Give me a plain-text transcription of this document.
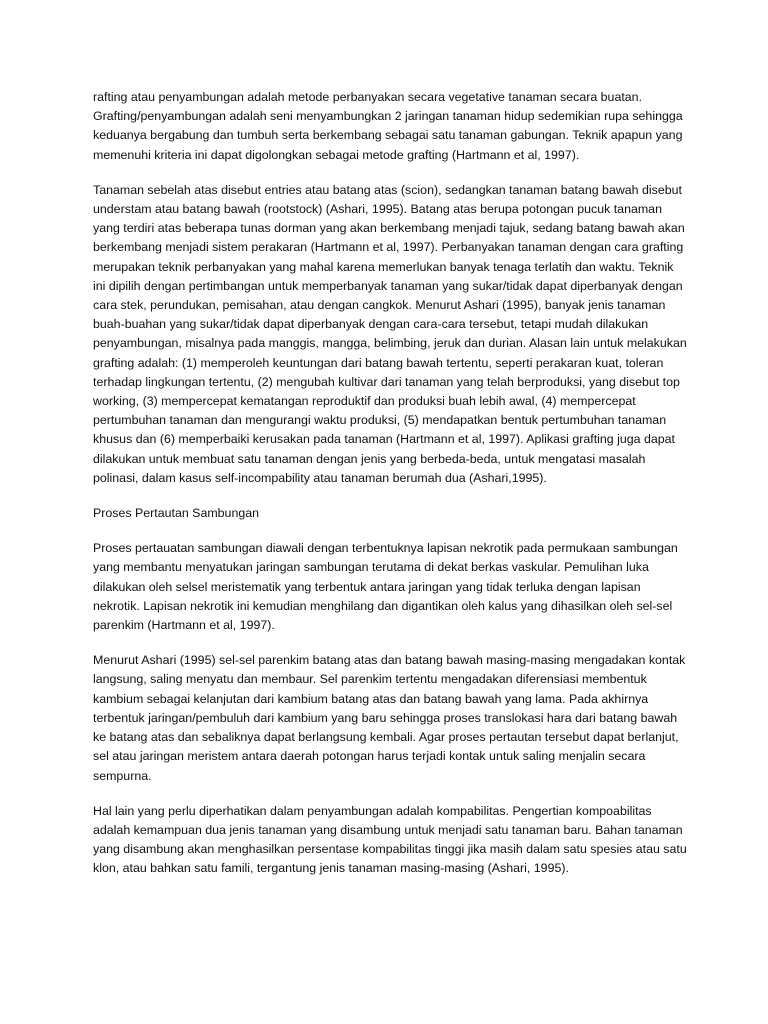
rafting atau penyambungan adalah metode perbanyakan secara vegetative tanaman secara buatan. Grafting/penyambungan adalah seni menyambungkan 2 jaringan tanaman hidup sedemikian rupa sehingga keduanya bergabung dan tumbuh serta berkembang sebagai satu tanaman gabungan. Teknik apapun yang memenuhi kriteria ini dapat digolongkan sebagai metode grafting (Hartmann et al, 1997).

Tanaman sebelah atas disebut entries atau batang atas (scion), sedangkan tanaman batang bawah disebut understam atau batang bawah (rootstock) (Ashari, 1995). Batang atas berupa potongan pucuk tanaman yang terdiri atas beberapa tunas dorman yang akan berkembang menjadi tajuk, sedang batang bawah akan berkembang menjadi sistem perakaran (Hartmann et al, 1997). Perbanyakan tanaman dengan cara grafting merupakan teknik perbanyakan yang mahal karena memerlukan banyak tenaga terlatih dan waktu. Teknik ini dipilih dengan pertimbangan untuk memperbanyak tanaman yang sukar/tidak dapat diperbanyak dengan cara stek, perundukan, pemisahan, atau dengan cangkok. Menurut Ashari (1995), banyak jenis tanaman buah-buahan yang sukar/tidak dapat diperbanyak dengan cara-cara tersebut, tetapi mudah dilakukan penyambungan, misalnya pada manggis, mangga, belimbing, jeruk dan durian. Alasan lain untuk melakukan grafting adalah: (1) memperoleh keuntungan dari batang bawah tertentu, seperti perakaran kuat, toleran terhadap lingkungan tertentu, (2) mengubah kultivar dari tanaman yang telah berproduksi, yang disebut top working, (3) mempercepat kematangan reproduktif dan produksi buah lebih awal, (4) mempercepat pertumbuhan tanaman dan mengurangi waktu produksi, (5) mendapatkan bentuk pertumbuhan tanaman khusus dan (6) memperbaiki kerusakan pada tanaman (Hartmann et al, 1997). Aplikasi grafting juga dapat dilakukan untuk membuat satu tanaman dengan jenis yang berbeda-beda, untuk mengatasi masalah polinasi, dalam kasus self-incompability atau tanaman berumah dua (Ashari,1995).

Proses Pertautan Sambungan

Proses pertauatan sambungan diawali dengan terbentuknya lapisan nekrotik pada permukaan sambungan yang membantu menyatukan jaringan sambungan terutama di dekat berkas vaskular. Pemulihan luka dilakukan oleh selsel meristematik yang terbentuk antara jaringan yang tidak terluka dengan lapisan nekrotik. Lapisan nekrotik ini kemudian menghilang dan digantikan oleh kalus yang dihasilkan oleh sel-sel parenkim (Hartmann et al, 1997).

Menurut Ashari (1995) sel-sel parenkim batang atas dan batang bawah masing-masing mengadakan kontak langsung, saling menyatu dan membaur. Sel parenkim tertentu mengadakan diferensiasi membentuk kambium sebagai kelanjutan dari kambium batang atas dan batang bawah yang lama. Pada akhirnya terbentuk jaringan/pembuluh dari kambium yang baru sehingga proses translokasi hara dari batang bawah ke batang atas dan sebaliknya dapat berlangsung kembali. Agar proses pertautan tersebut dapat berlanjut, sel atau jaringan meristem antara daerah potongan harus terjadi kontak untuk saling menjalin secara sempurna.

Hal lain yang perlu diperhatikan dalam penyambungan adalah kompabilitas. Pengertian kompoabilitas adalah kemampuan dua jenis tanaman yang disambung untuk menjadi satu tanaman baru. Bahan tanaman yang disambung akan menghasilkan persentase kompabilitas tinggi jika masih dalam satu spesies atau satu klon, atau bahkan satu famili, tergantung jenis tanaman masing-masing (Ashari, 1995).
